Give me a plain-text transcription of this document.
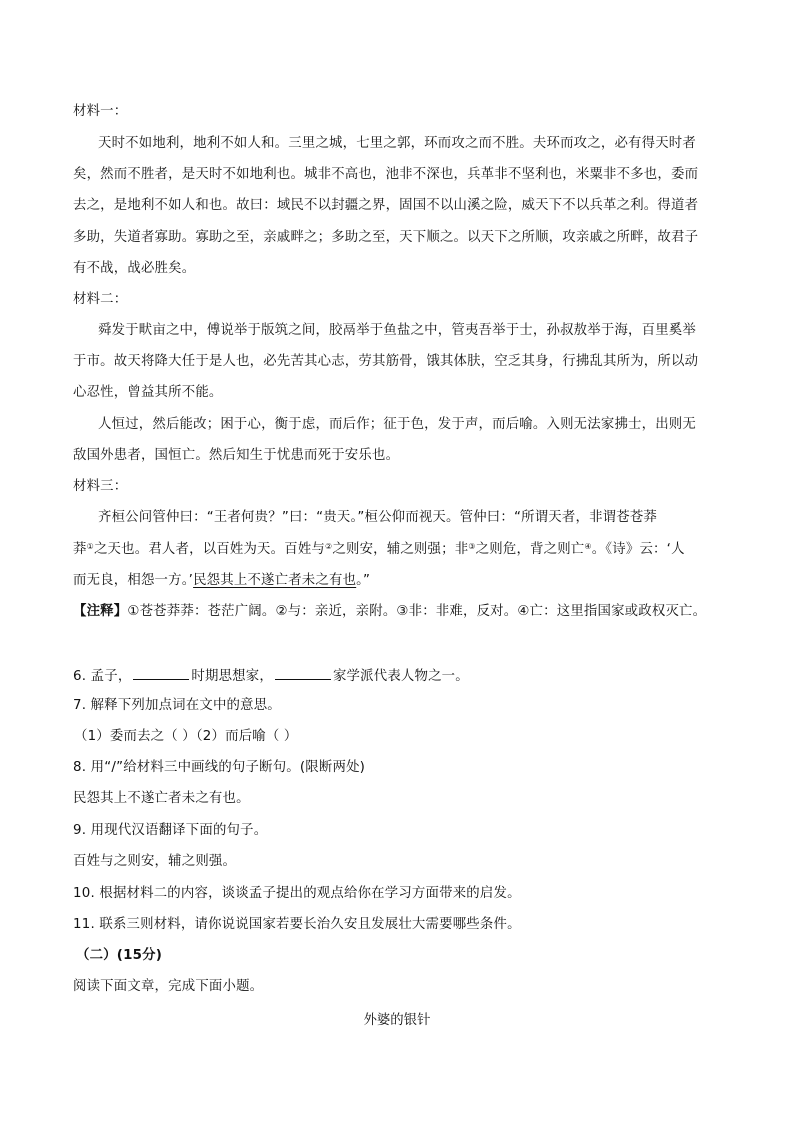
材料一：
天时不如地利，地利不如人和。三里之城，七里之郭，环而攻之而不胜。夫环而攻之，必有得天时者
矣，然而不胜者，是天时不如地利也。城非不高也，池非不深也，兵革非不坚利也，米粟非不多也，委而
去之，是地利不如人和也。故曰：域民不以封疆之界，固国不以山溪之险，威天下不以兵革之利。得道者
多助，失道者寡助。寡助之至，亲戚畔之；多助之至，天下顺之。以天下之所顺，攻亲戚之所畔，故君子
有不战，战必胜矣。
材料二：
舜发于畎亩之中，傅说举于版筑之间，胶鬲举于鱼盐之中，管夷吾举于士，孙叔敖举于海，百里奚举
于市。故天将降大任于是人也，必先苦其心志，劳其筋骨，饿其体肤，空乏其身，行拂乱其所为，所以动
心忍性，曾益其所不能。
人恒过，然后能改；困于心，衡于虑，而后作；征于色，发于声，而后喻。入则无法家拂士，出则无
敌国外患者，国恒亡。然后知生于忧患而死于安乐也。
材料三：
齐桓公问管仲曰：“王者何贵？”曰：“贵天。”桓公仰而视天。管仲曰：“所谓天者，非谓苍苍莽
莽①之天也。君人者，以百姓为天。百姓与②之则安，辅之则强；非③之则危，背之则亡④。《诗》云：‘人
而无良，相怨一方。’民怨其上不遂亡者未之有也。”
【注释】①苍苍莽莽：苍茫广阔。②与：亲近，亲附。③非：非难，反对。④亡：这里指国家或政权灭亡。
6. 孟子，	时期思想家，	家学派代表人物之一。
7. 解释下列加点词在文中的意思。
（1）委而去之（ ）（2）而后喻（ ）
8. 用“/”给材料三中画线的句子断句。(限断两处)
民怨其上不遂亡者未之有也。
9. 用现代汉语翻译下面的句子。
百姓与之则安，辅之则强。
10. 根据材料二的内容，谈谈孟子提出的观点给你在学习方面带来的启发。
11. 联系三则材料，请你说说国家若要长治久安且发展壮大需要哪些条件。
（二）(15分)
阅读下面文章，完成下面小题。
外婆的银针
